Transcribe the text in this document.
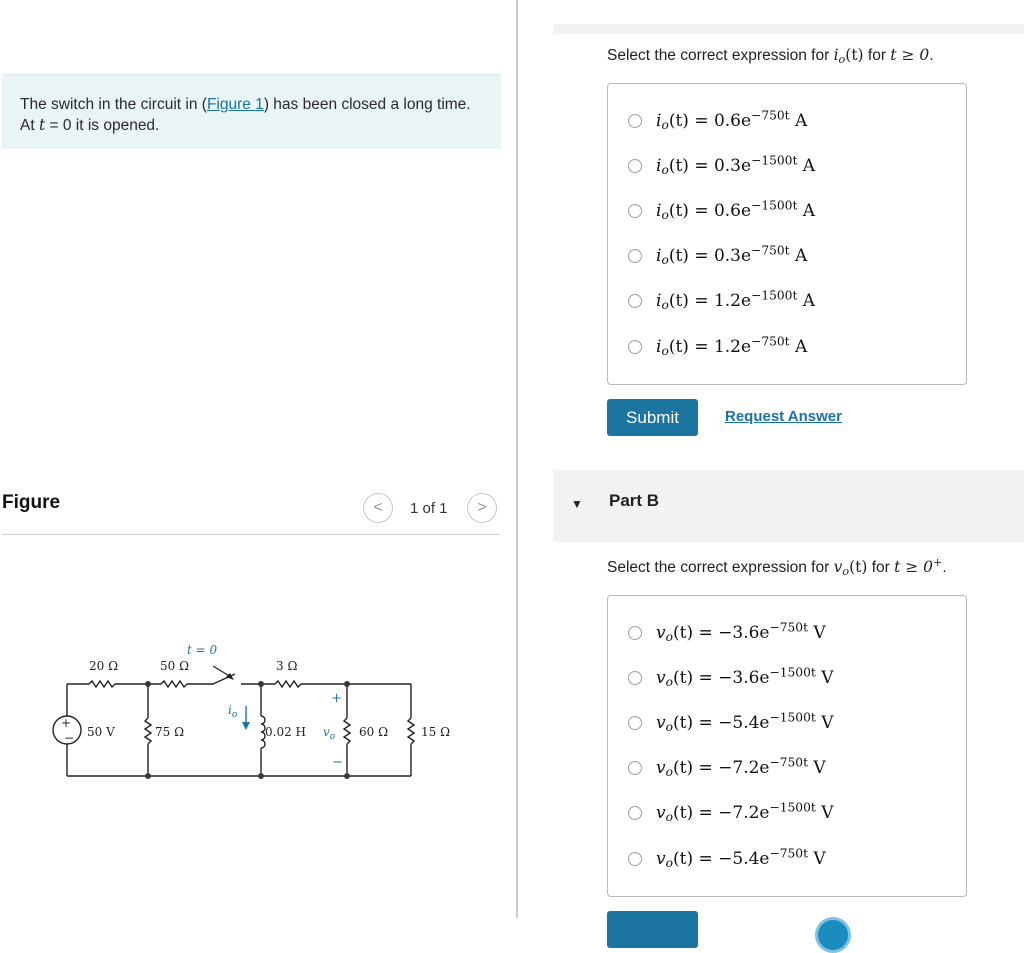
The switch in the circuit in (Figure 1) has been closed a long time. At t = 0 it is opened.
Figure	<	1 of 1	>
20 Ω	50 Ω	3 Ω
75 Ω	60 Ω	15 Ω
50 V	0.02 H
+
−
t = 0
$i_o$
$v_o$
+
−
Select the correct expression for $i_o(t)$ for t ≥ 0.
$i_o(t) = 0.6e^{-750t}$ A
$i_o(t) = 0.3e^{-1500t}$ A
$i_o(t) = 0.6e^{-1500t}$ A
$i_o(t) = 0.3e^{-750t}$ A
$i_o(t) = 1.2e^{-1500t}$ A
$i_o(t) = 1.2e^{-750t}$ A
Submit	Request Answer
▼ Part B
Select the correct expression for $v_o(t)$ for t ≥ 0+.
$v_o(t) = -3.6e^{-750t}$ V
$v_o(t) = -3.6e^{-1500t}$ V
$v_o(t) = -5.4e^{-1500t}$ V
$v_o(t) = -7.2e^{-750t}$ V
$v_o(t) = -7.2e^{-1500t}$ V
$v_o(t) = -5.4e^{-750t}$ V
